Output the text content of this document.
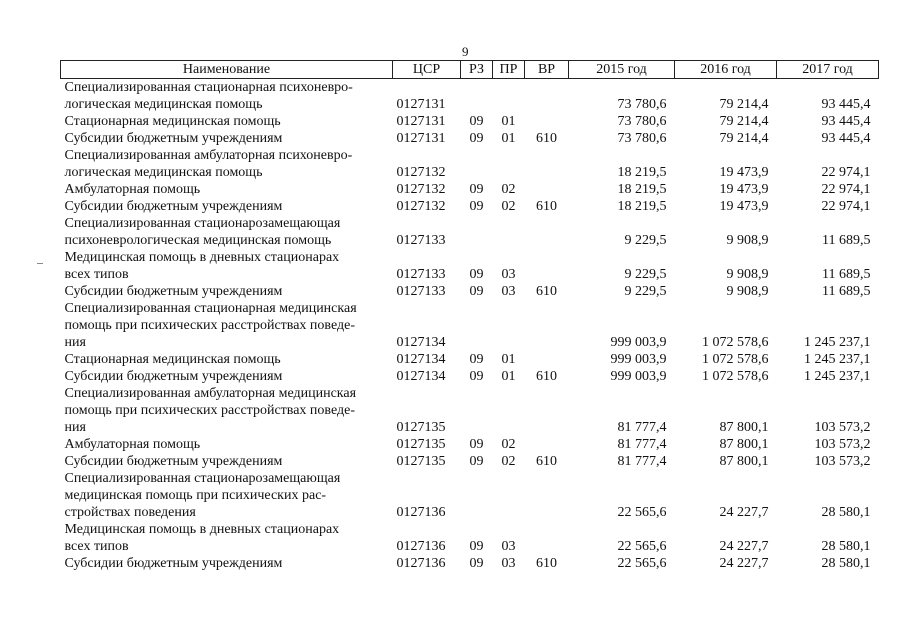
9
Наименование	ЦСР	РЗ	ПР	ВР	2015 год	2016 год	2017 год

Специализированная стационарная психоневро-
логическая медицинская помощь	0127131				73 780,6	79 214,4	93 445,4

Стационарная медицинская помощь	0127131	09	01		73 780,6	79 214,4	93 445,4

Субсидии бюджетным учреждениям	0127131	09	01	610	73 780,6	79 214,4	93 445,4

Специализированная амбулаторная психоневро-
логическая медицинская помощь	0127132				18 219,5	19 473,9	22 974,1

Амбулаторная помощь	0127132	09	02		18 219,5	19 473,9	22 974,1

Субсидии бюджетным учреждениям	0127132	09	02	610	18 219,5	19 473,9	22 974,1

Специализированная стационарозамещающая
психоневрологическая медицинская помощь	0127133				9 229,5	9 908,9	11 689,5

Медицинская помощь в дневных стационарах
всех типов	0127133	09	03		9 229,5	9 908,9	11 689,5

Субсидии бюджетным учреждениям	0127133	09	03	610	9 229,5	9 908,9	11 689,5

Специализированная стационарная медицинская
помощь при психических расстройствах поведе-
ния	0127134				999 003,9	1 072 578,6	1 245 237,1

Стационарная медицинская помощь	0127134	09	01		999 003,9	1 072 578,6	1 245 237,1

Субсидии бюджетным учреждениям	0127134	09	01	610	999 003,9	1 072 578,6	1 245 237,1

Специализированная амбулаторная медицинская
помощь при психических расстройствах поведе-
ния	0127135				81 777,4	87 800,1	103 573,2

Амбулаторная помощь	0127135	09	02		81 777,4	87 800,1	103 573,2

Субсидии бюджетным учреждениям	0127135	09	02	610	81 777,4	87 800,1	103 573,2

Специализированная стационарозамещающая
медицинская помощь при психических рас-
стройствах поведения	0127136				22 565,6	24 227,7	28 580,1

Медицинская помощь в дневных стационарах
всех типов	0127136	09	03		22 565,6	24 227,7	28 580,1

Субсидии бюджетным учреждениям	0127136	09	03	610	22 565,6	24 227,7	28 580,1
